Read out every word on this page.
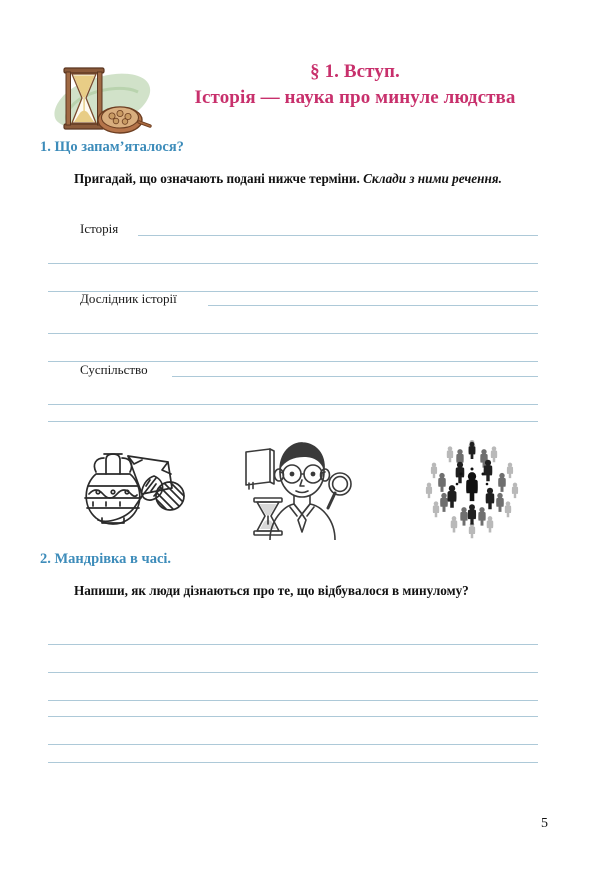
§ 1. Вступ.
Історія — наука про минуле людства
1. Що запам’яталося?
Пригадай, що означають подані нижче терміни. Склади з ними речення.
Історія
Дослідник історії
Суспільство
2. Мандрівка в часі.
Напиши, як люди дізнаються про те, що відбувалося в минулому?
5
